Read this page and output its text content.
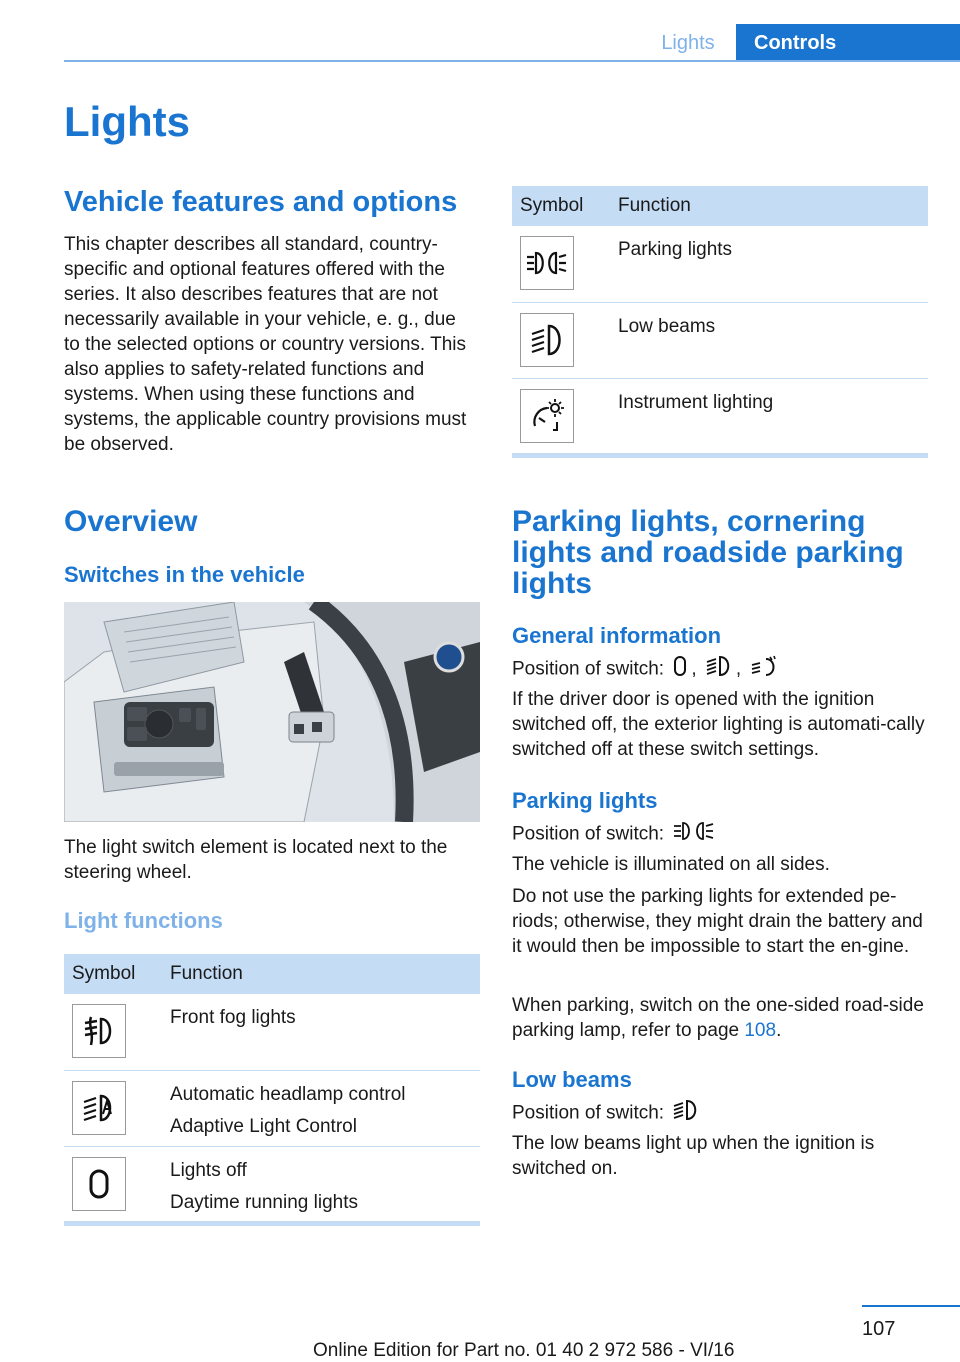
Lights	Controls
Lights
Vehicle features and options

This chapter describes all standard, country-specific and optional features offered with the series. It also describes features that are not necessarily available in your vehicle, e. g., due to the selected options or country versions. This also applies to safety-related functions and systems. When using these functions and systems, the applicable country provisions must be observed.

Overview
Switches in the vehicle

The light switch element is located next to the steering wheel.

Light functions
Symbol	Function

Front fog lights

Automatic headlamp control
Adaptive Light Control

Lights off
Daytime running lights
Symbol	Function

Parking lights

Low beams

Instrument lighting
Parking lights, cornering lights and roadside parking lights
General information

Position of switch: , ,

If the driver door is opened with the ignition switched off, the exterior lighting is automati-cally switched off at these switch settings.

Parking lights

Position of switch:

The vehicle is illuminated on all sides.

Do not use the parking lights for extended pe-riods; otherwise, they might drain the battery and it would then be impossible to start the en-gine.

When parking, switch on the one-sided road-side parking lamp, refer to page 108.

Low beams

Position of switch:

The low beams light up when the ignition is switched on.

107
Online Edition for Part no. 01 40 2 972 586 - VI/16
